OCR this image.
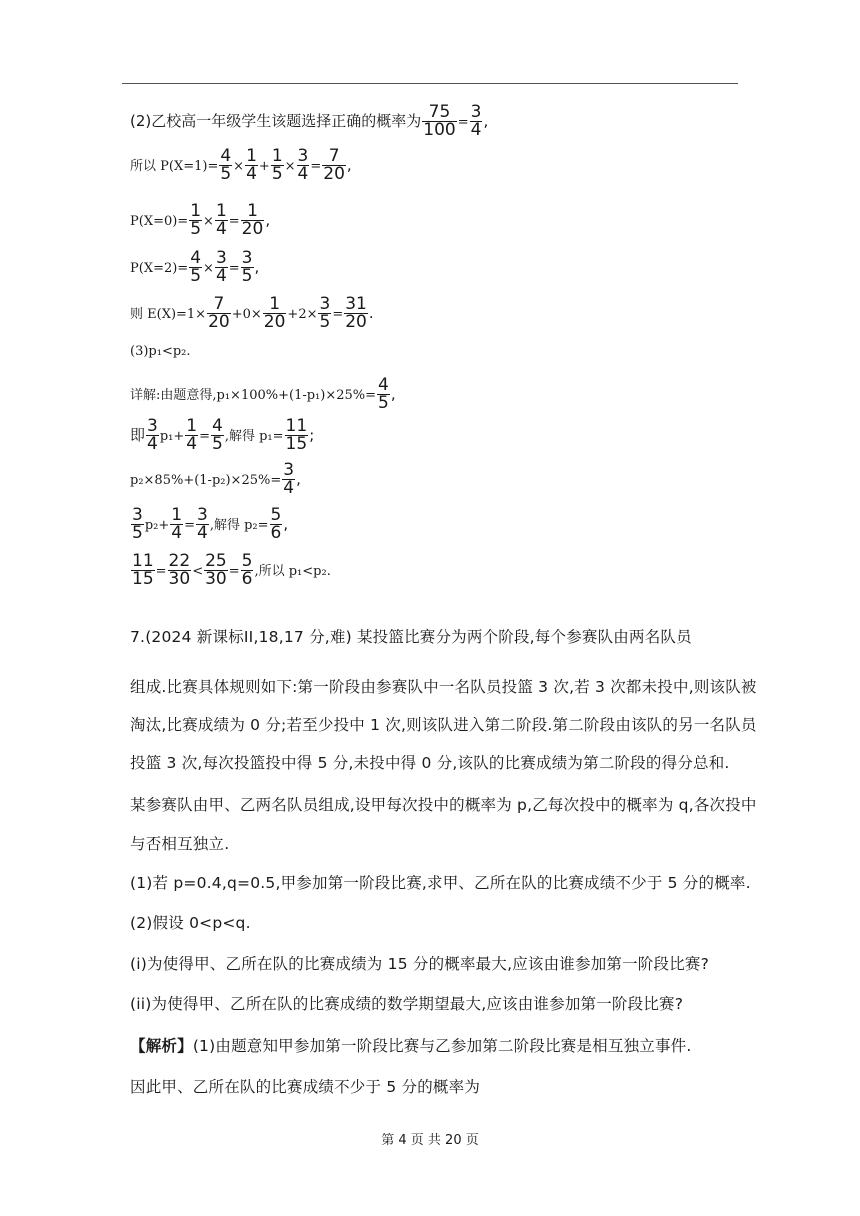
(2)乙校高一年级学生该题选择正确的概率为 $\frac{75}{100} = \frac{3}{4}$ ,
所以 $P(X=1)= \frac{4}{5} \times \frac{1}{4} + \frac{1}{5} \times \frac{3}{4} = \frac{7}{20}$ ,
$P(X=0)= \frac{1}{5} \times \frac{1}{4} = \frac{1}{20}$ ,
$P(X=2)= \frac{4}{5} \times \frac{3}{4} = \frac{3}{5}$ ,
则 $E(X)=1\times \frac{7}{20} +0\times \frac{1}{20} +2\times \frac{3}{5} = \frac{31}{20}$ .
(3)p₁<p₂.
详解:由题意得$,p_1\times 100\%+(1-p_1)\times 25\%= \frac{4}{5}$ ,
即 $\frac{3}{4} p_1+ \frac{1}{4} = \frac{4}{5}$ ,解得 $p_1= \frac{11}{15}$ ;
$p_2\times 85\%+(1-p_2)\times 25\%= \frac{3}{4}$ ,
$\frac{3}{5} p_2+ \frac{1}{4} = \frac{3}{4}$ ,解得 $p_2= \frac{5}{6}$ ,
$\frac{11}{15} = \frac{22}{30} < \frac{25}{30} = \frac{5}{6}$ ,所以 p₁<p₂.
7.(2024 新课标II,18,17 分,难) 某投篮比赛分为两个阶段,每个参赛队由两名队员
组成.比赛具体规则如下:第一阶段由参赛队中一名队员投篮 3 次,若 3 次都未投中,则该队被
淘汰,比赛成绩为 0 分;若至少投中 1 次,则该队进入第二阶段.第二阶段由该队的另一名队员
投篮 3 次,每次投篮投中得 5 分,未投中得 0 分,该队的比赛成绩为第二阶段的得分总和.
某参赛队由甲、乙两名队员组成,设甲每次投中的概率为 p,乙每次投中的概率为 q,各次投中
与否相互独立.
(1)若 p=0.4,q=0.5,甲参加第一阶段比赛,求甲、乙所在队的比赛成绩不少于 5 分的概率.
(2)假设 0<p<q.
(i)为使得甲、乙所在队的比赛成绩为 15 分的概率最大,应该由谁参加第一阶段比赛?
(ii)为使得甲、乙所在队的比赛成绩的数学期望最大,应该由谁参加第一阶段比赛?
【解析】(1)由题意知甲参加第一阶段比赛与乙参加第二阶段比赛是相互独立事件.
因此甲、乙所在队的比赛成绩不少于 5 分的概率为
第 4 页 共 20 页
